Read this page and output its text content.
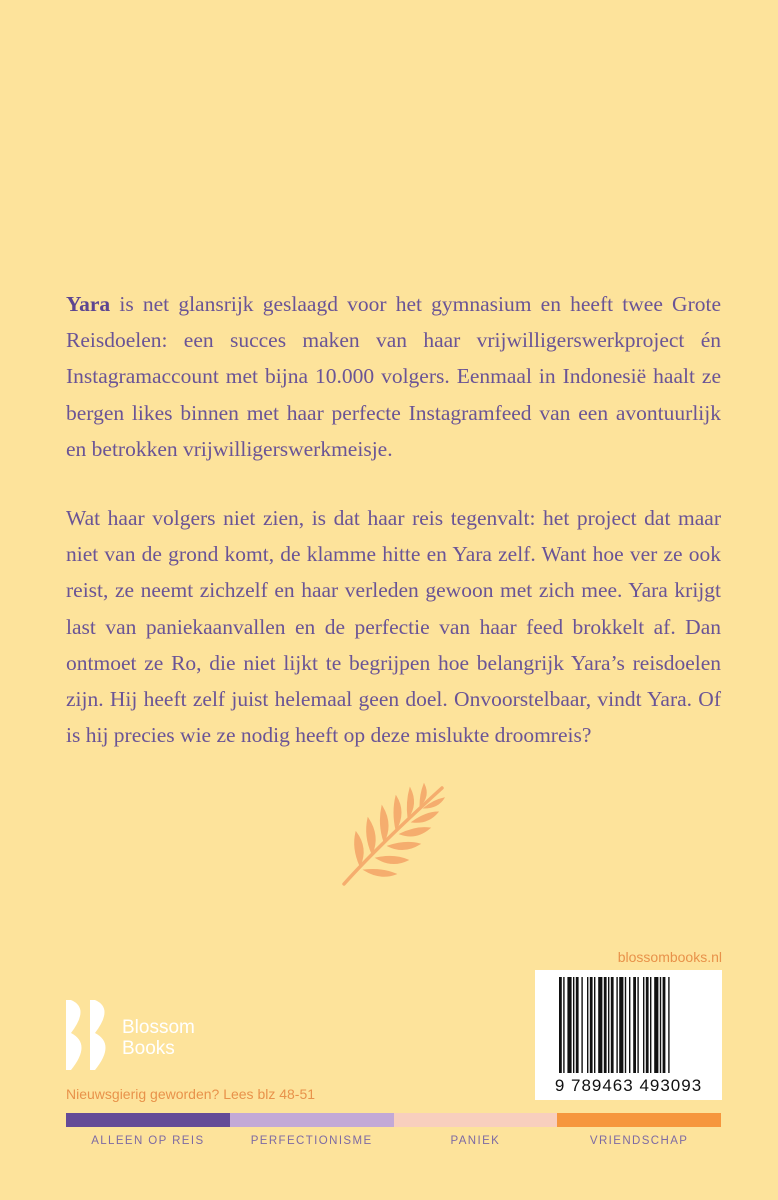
Yara is net glansrijk geslaagd voor het gymnasium en heeft twee Grote Reisdoelen: een succes maken van haar vrijwilligerswerkproject én Instagramaccount met bijna 10.000 volgers. Eenmaal in Indonesië haalt ze bergen likes binnen met haar perfecte Instagramfeed van een avontuurlijk en betrokken vrijwilligerswerkmeisje.

Wat haar volgers niet zien, is dat haar reis tegenvalt: het project dat maar niet van de grond komt, de klamme hitte en Yara zelf. Want hoe ver ze ook reist, ze neemt zichzelf en haar verleden gewoon met zich mee. Yara krijgt last van paniekaanvallen en de perfectie van haar feed brokkelt af. Dan ontmoet ze Ro, die niet lijkt te begrijpen hoe belangrijk Yara’s reisdoelen zijn. Hij heeft zelf juist helemaal geen doel. Onvoorstelbaar, vindt Yara. Of is hij precies wie ze nodig heeft op deze mislukte droomreis?

blossombooks.nl
9 789463 493093
Blossom
Books
Nieuwsgierig geworden? Lees blz 48-51
ALLEEN OP REIS	PERFECTIONISME	PANIEK	VRIENDSCHAP
